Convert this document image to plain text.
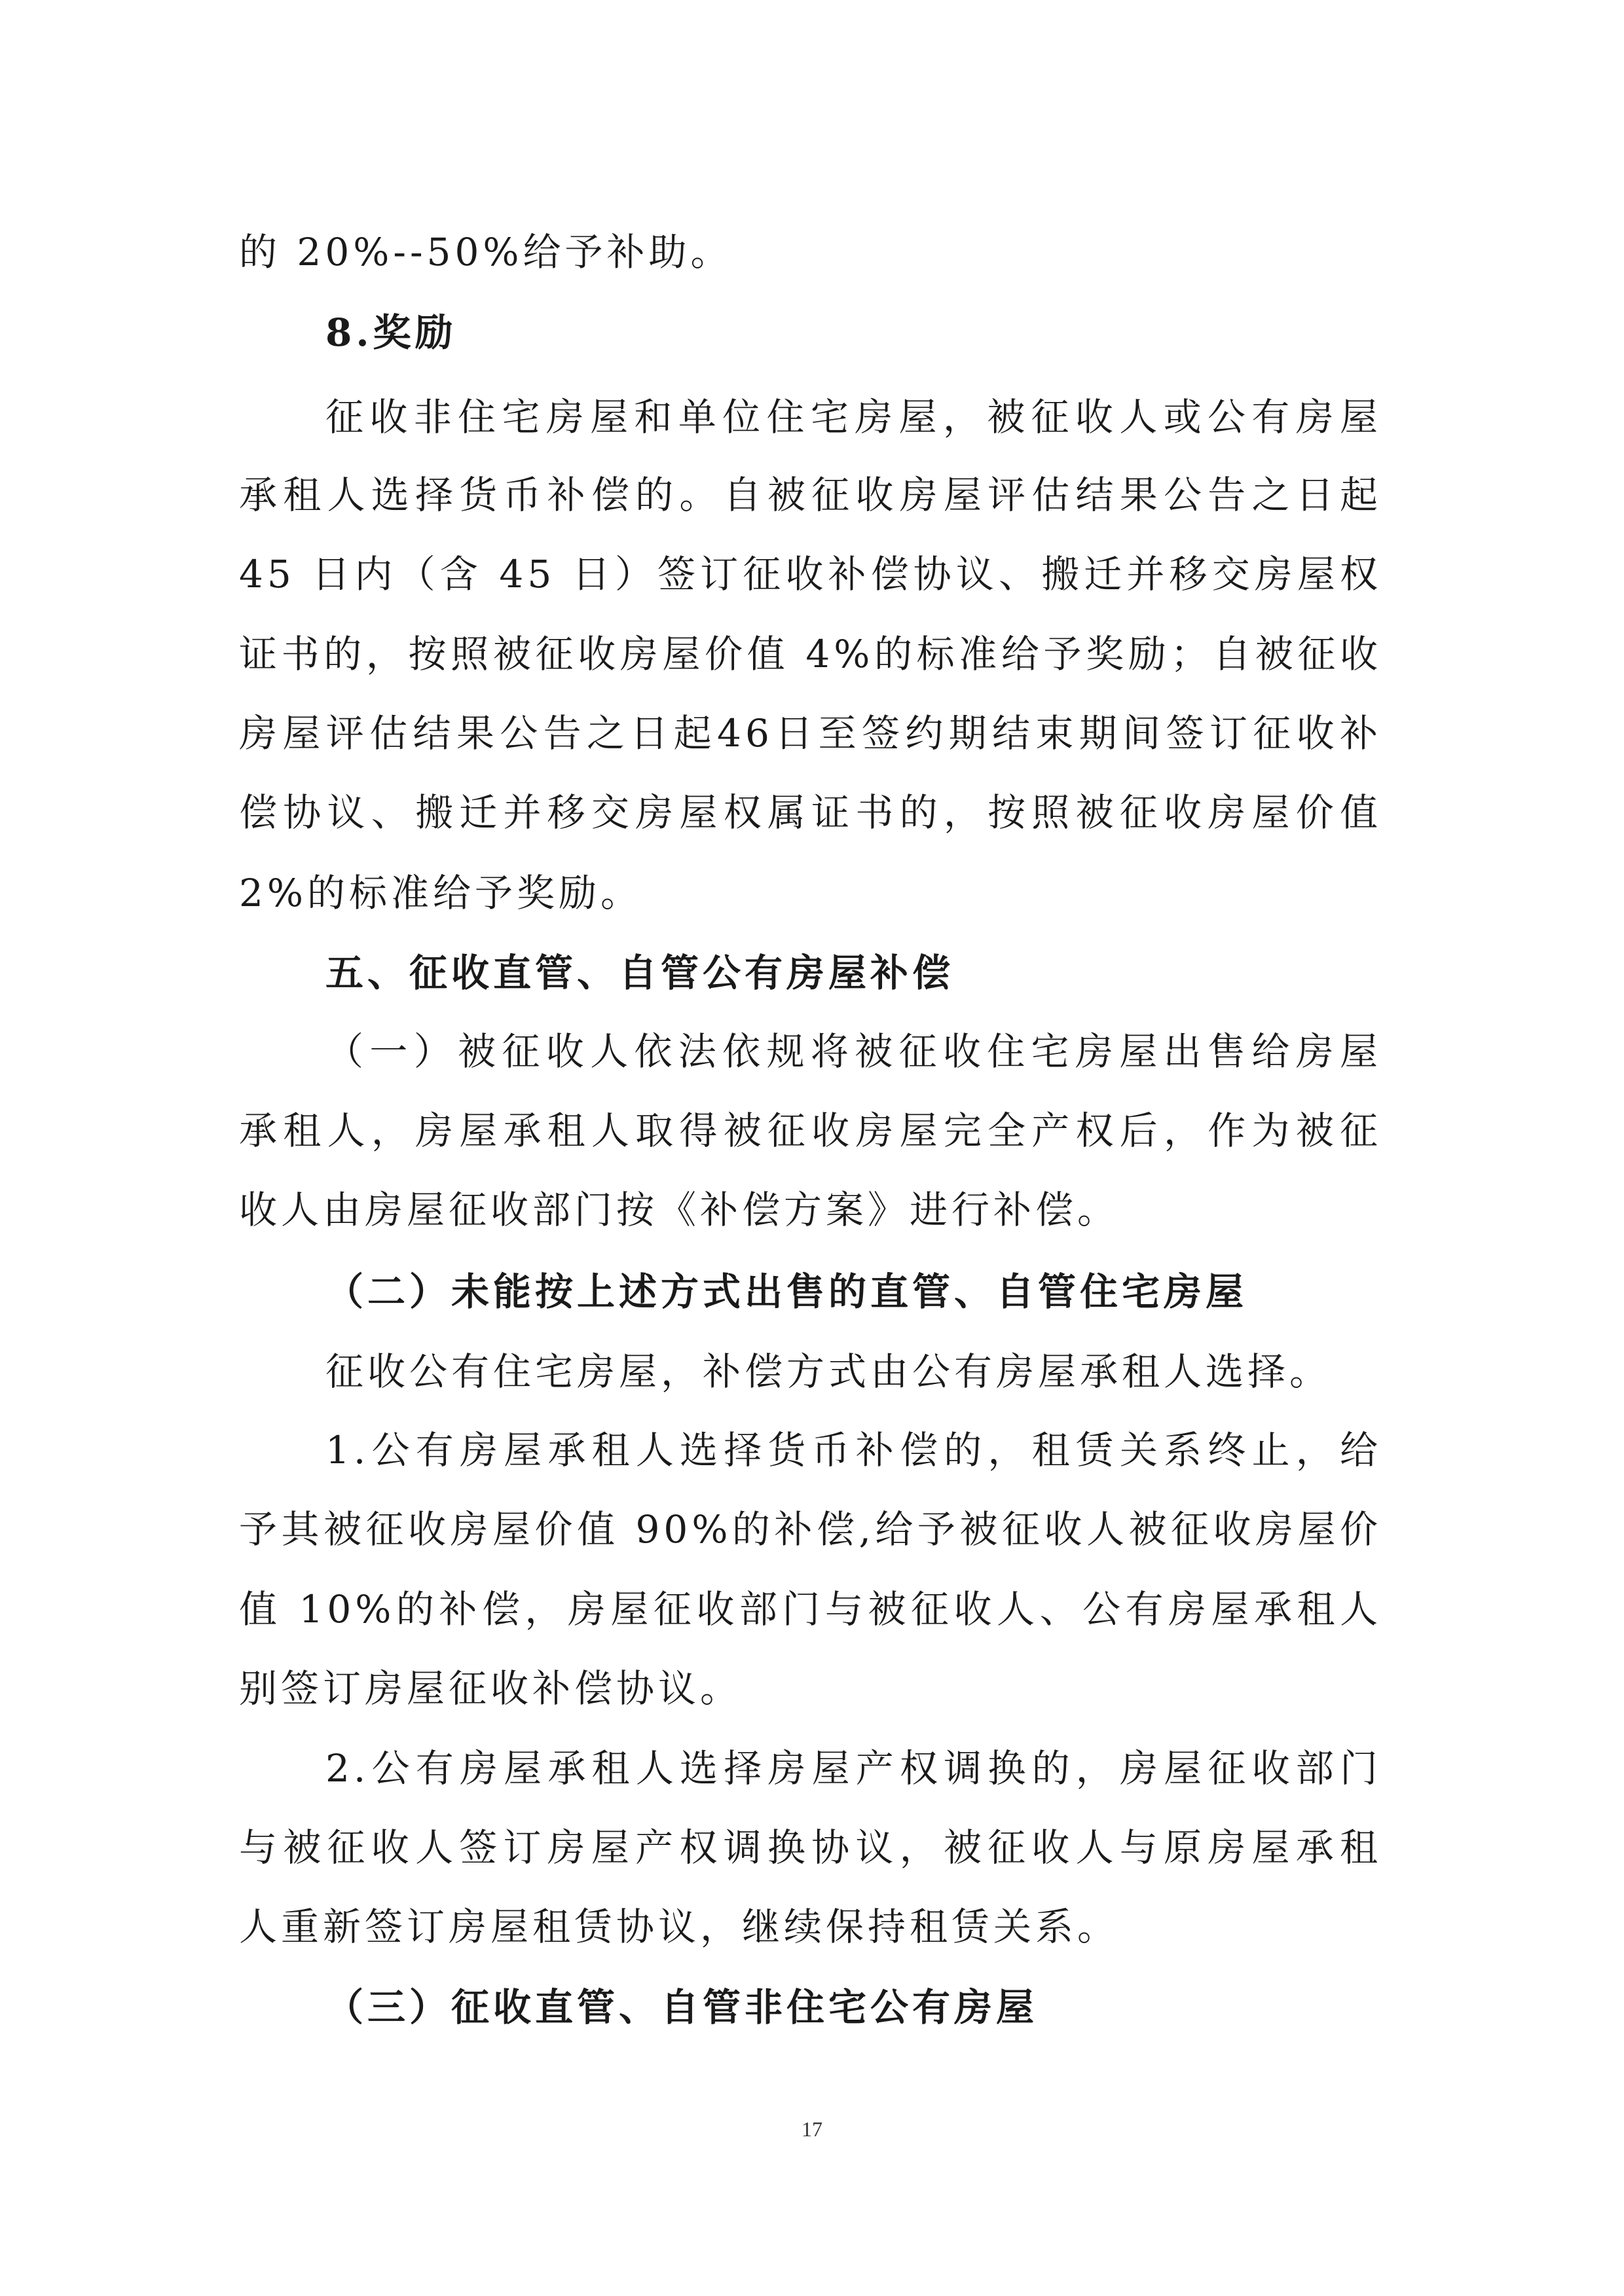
的 20%--50%给予补助。
8.奖励
征收非住宅房屋和单位住宅房屋，被征收人或公有房屋
承租人选择货币补偿的。自被征收房屋评估结果公告之日起
45 日内（含 45 日）签订征收补偿协议、搬迁并移交房屋权
证书的，按照被征收房屋价值 4%的标准给予奖励；自被征收
房屋评估结果公告之日起46日至签约期结束期间签订征收补
偿协议、搬迁并移交房屋权属证书的，按照被征收房屋价值
2%的标准给予奖励。
五、征收直管、自管公有房屋补偿
（一）被征收人依法依规将被征收住宅房屋出售给房屋
承租人，房屋承租人取得被征收房屋完全产权后，作为被征
收人由房屋征收部门按《补偿方案》进行补偿。
（二）未能按上述方式出售的直管、自管住宅房屋
征收公有住宅房屋，补偿方式由公有房屋承租人选择。
1.公有房屋承租人选择货币补偿的，租赁关系终止，给
予其被征收房屋价值 90%的补偿,给予被征收人被征收房屋价
值 10%的补偿，房屋征收部门与被征收人、公有房屋承租人
别签订房屋征收补偿协议。
2.公有房屋承租人选择房屋产权调换的，房屋征收部门
与被征收人签订房屋产权调换协议，被征收人与原房屋承租
人重新签订房屋租赁协议，继续保持租赁关系。
（三）征收直管、自管非住宅公有房屋
17
